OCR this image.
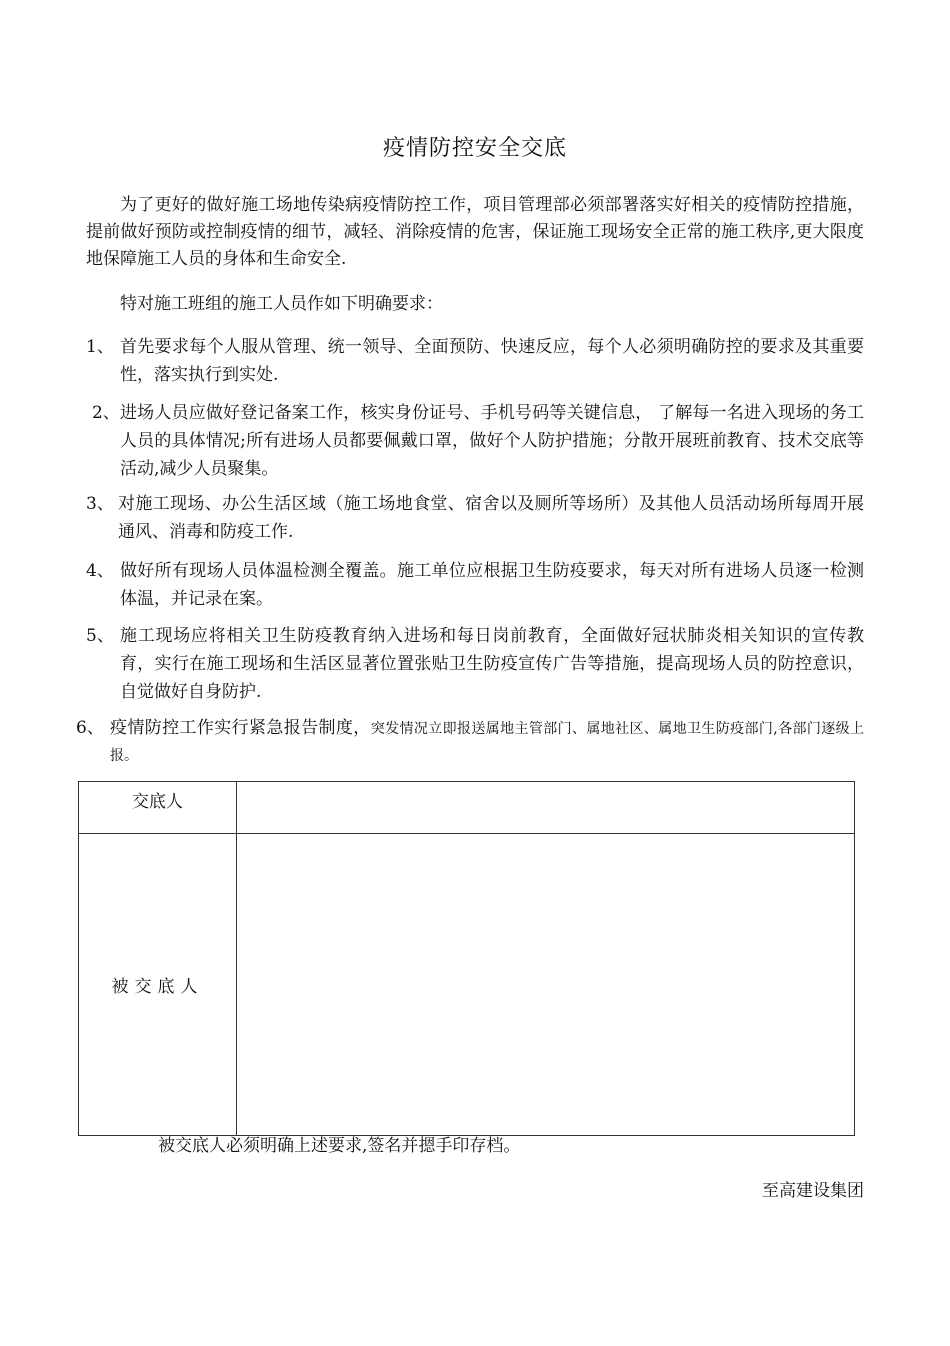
疫情防控安全交底
为了更好的做好施工场地传染病疫情防控工作，项目管理部必须部署落实好相关的疫情防控措施，提前做好预防或控制疫情的细节，减轻、消除疫情的危害，保证施工现场安全正常的施工秩序,更大限度地保障施工人员的身体和生命安全.
特对施工班组的施工人员作如下明确要求：
1、 首先要求每个人服从管理、统一领导、全面预防、快速反应，每个人必须明确防控的要求及其重要性，落实执行到实处.
2、 进场人员应做好登记备案工作，核实身份证号、手机号码等关键信息， 了解每一名进入现场的务工人员的具体情况;所有进场人员都要佩戴口罩，做好个人防护措施；分散开展班前教育、技术交底等活动,减少人员聚集。
3、 对施工现场、办公生活区域（施工场地食堂、宿舍以及厕所等场所）及其他人员活动场所每周开展通风、消毒和防疫工作.
4、 做好所有现场人员体温检测全覆盖。施工单位应根据卫生防疫要求，每天对所有进场人员逐一检测体温，并记录在案。
5、 施工现场应将相关卫生防疫教育纳入进场和每日岗前教育，全面做好冠状肺炎相关知识的宣传教育，实行在施工现场和生活区显著位置张贴卫生防疫宣传广告等措施，提高现场人员的防控意识，自觉做好自身防护.
6、 疫情防控工作实行紧急报告制度，突发情况立即报送属地主管部门、属地社区、属地卫生防疫部门,各部门逐级上报。
交底人	
被交底人	
被交底人必须明确上述要求,签名并摁手印存档。
至高建设集团
